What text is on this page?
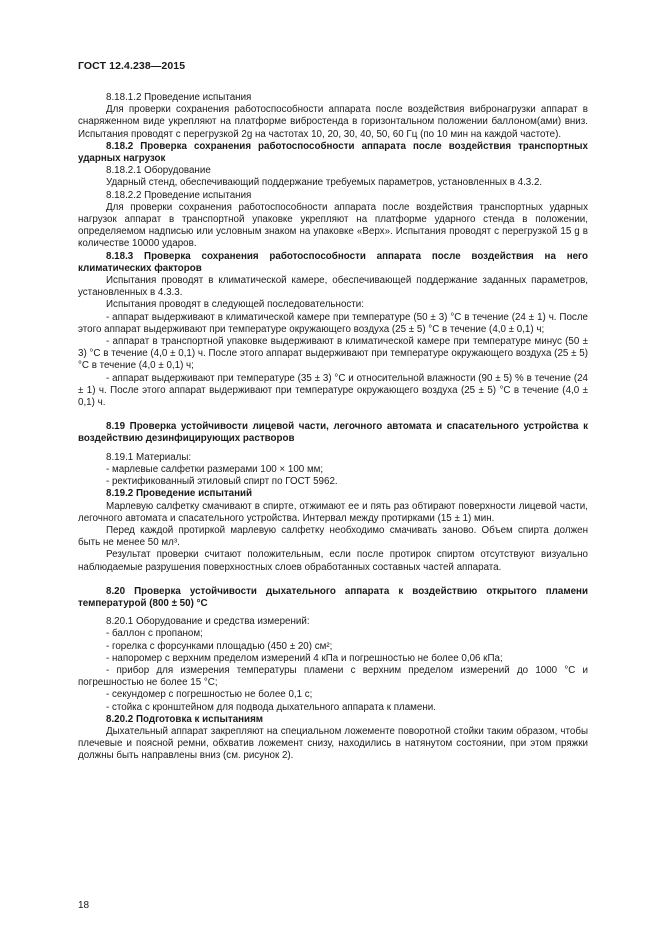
ГОСТ 12.4.238—2015

8.18.1.2 Проведение испытания

Для проверки сохранения работоспособности аппарата после воздействия вибронагрузки аппарат в снаряженном виде укрепляют на платформе вибростенда в горизонтальном положении баллоном(ами) вниз. Испытания проводят с перегрузкой 2g на частотах 10, 20, 30, 40, 50, 60 Гц (по 10 мин на каждой частоте).

8.18.2 Проверка сохранения работоспособности аппарата после воздействия транспортных ударных нагрузок

8.18.2.1 Оборудование

Ударный стенд, обеспечивающий поддержание требуемых параметров, установленных в 4.3.2.

8.18.2.2 Проведение испытания

Для проверки сохранения работоспособности аппарата после воздействия транспортных ударных нагрузок аппарат в транспортной упаковке укрепляют на платформе ударного стенда в положении, определяемом надписью или условным знаком на упаковке «Верх». Испытания проводят с перегрузкой 15 g в количестве 10000 ударов.

8.18.3 Проверка сохранения работоспособности аппарата после воздействия на него климатических факторов

Испытания проводят в климатической камере, обеспечивающей поддержание заданных параметров, установленных в 4.3.3.

Испытания проводят в следующей последовательности:

- аппарат выдерживают в климатической камере при температуре (50 ± 3) °С в течение (24 ± 1) ч. После этого аппарат выдерживают при температуре окружающего воздуха (25 ± 5) °С в течение (4,0 ± 0,1) ч;

- аппарат в транспортной упаковке выдерживают в климатической камере при температуре минус (50 ± 3) °С в течение (4,0 ± 0,1) ч. После этого аппарат выдерживают при температуре окружающего воздуха (25 ± 5) °С в течение (4,0 ± 0,1) ч;

- аппарат выдерживают при температуре (35 ± 3) °С и относительной влажности (90 ± 5) % в течение (24 ± 1) ч. После этого аппарат выдерживают при температуре окружающего воздуха (25 ± 5) °С в течение (4,0 ± 0,1) ч.

8.19 Проверка устойчивости лицевой части, легочного автомата и спасательного устройства к воздействию дезинфицирующих растворов

8.19.1 Материалы:

- марлевые салфетки размерами 100 × 100 мм;

- ректификованный этиловый спирт по ГОСТ 5962.

8.19.2 Проведение испытаний

Марлевую салфетку смачивают в спирте, отжимают ее и пять раз обтирают поверхности лицевой части, легочного автомата и спасательного устройства. Интервал между протирками (15 ± 1) мин.

Перед каждой протиркой марлевую салфетку необходимо смачивать заново. Объем спирта должен быть не менее 50 мл³.

Результат проверки считают положительным, если после протирок спиртом отсутствуют визуально наблюдаемые разрушения поверхностных слоев обработанных составных частей аппарата.

8.20 Проверка устойчивости дыхательного аппарата к воздействию открытого пламени температурой (800 ± 50) °С

8.20.1 Оборудование и средства измерений:

- баллон с пропаном;

- горелка с форсунками площадью (450 ± 20) см²;

- напоромер с верхним пределом измерений 4 кПа и погрешностью не более 0,06 кПа;

- прибор для измерения температуры пламени с верхним пределом измерений до 1000 °С и погрешностью не более 15 °С;

- секундомер с погрешностью не более 0,1 с;

- стойка с кронштейном для подвода дыхательного аппарата к пламени.

8.20.2 Подготовка к испытаниям

Дыхательный аппарат закрепляют на специальном ложементе поворотной стойки таким образом, чтобы плечевые и поясной ремни, обхватив ложемент снизу, находились в натянутом состоянии, при этом пряжки должны быть направлены вниз (см. рисунок 2).

18
